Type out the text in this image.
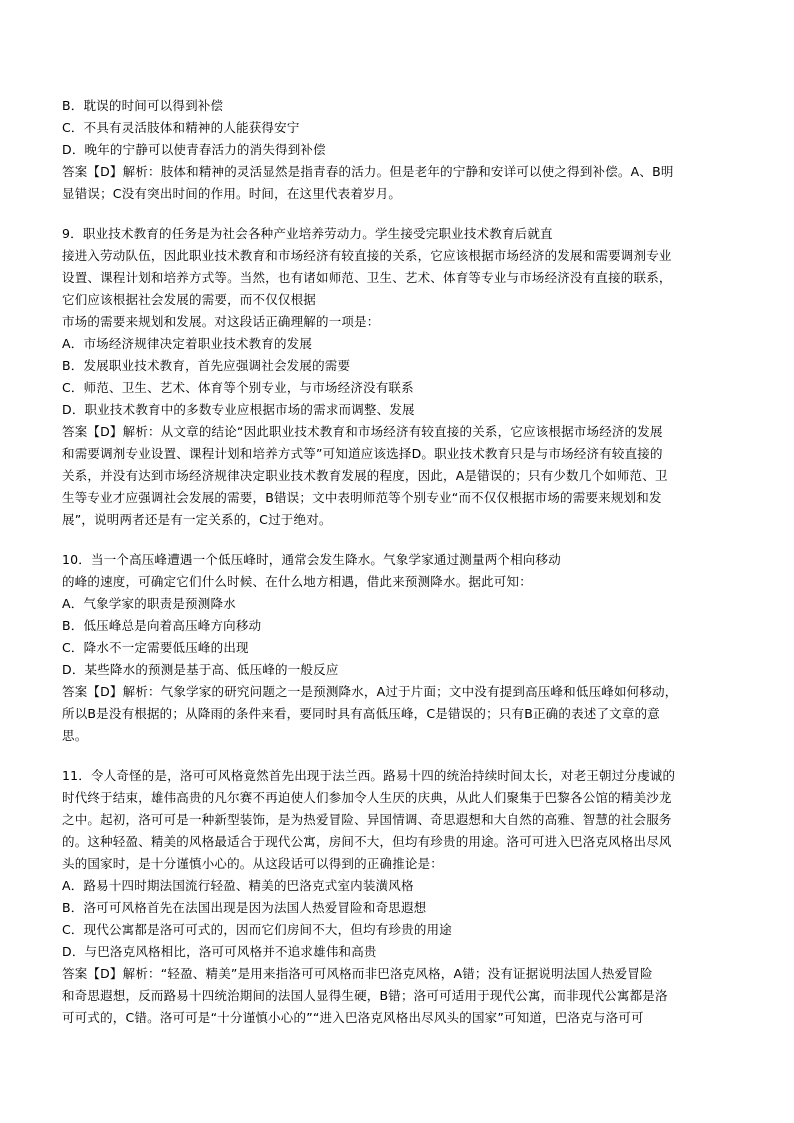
B．耽误的时间可以得到补偿
C．不具有灵活肢体和精神的人能获得安宁
D．晚年的宁静可以使青春活力的消失得到补偿
答案【D】解析：肢体和精神的灵活显然是指青春的活力。但是老年的宁静和安详可以使之得到补偿。A、B明
显错误；C没有突出时间的作用。时间，在这里代表着岁月。
9．职业技术教育的任务是为社会各种产业培养劳动力。学生接受完职业技术教育后就直
接进入劳动队伍，因此职业技术教育和市场经济有较直接的关系，它应该根据市场经济的发展和需要调剂专业
设置、课程计划和培养方式等。当然，也有诸如师范、卫生、艺术、体育等专业与市场经济没有直接的联系，
它们应该根据社会发展的需要，而不仅仅根据
市场的需要来规划和发展。对这段话正确理解的一项是：
A．市场经济规律决定着职业技术教育的发展
B．发展职业技术教育，首先应强调社会发展的需要
C．师范、卫生、艺术、体育等个别专业，与市场经济没有联系
D．职业技术教育中的多数专业应根据市场的需求而调整、发展
答案【D】解析：从文章的结论“因此职业技术教育和市场经济有较直接的关系，它应该根据市场经济的发展
和需要调剂专业设置、课程计划和培养方式等”可知道应该选择D。职业技术教育只是与市场经济有较直接的
关系，并没有达到市场经济规律决定职业技术教育发展的程度，因此，A是错误的；只有少数几个如师范、卫
生等专业才应强调社会发展的需要，B错误；文中表明师范等个别专业“而不仅仅根据市场的需要来规划和发
展”，说明两者还是有一定关系的，C过于绝对。
10．当一个高压峰遭遇一个低压峰时，通常会发生降水。气象学家通过测量两个相向移动
的峰的速度，可确定它们什么时候、在什么地方相遇，借此来预测降水。据此可知：
A．气象学家的职责是预测降水
B．低压峰总是向着高压峰方向移动
C．降水不一定需要低压峰的出现
D．某些降水的预测是基于高、低压峰的一般反应
答案【D】解析：气象学家的研究问题之一是预测降水，A过于片面；文中没有提到高压峰和低压峰如何移动，
所以B是没有根据的；从降雨的条件来看，要同时具有高低压峰，C是错误的；只有B正确的表述了文章的意
思。
11．令人奇怪的是，洛可可风格竟然首先出现于法兰西。路易十四的统治持续时间太长，对老王朝过分虔诚的
时代终于结束，雄伟高贵的凡尔赛不再迫使人们参加令人生厌的庆典，从此人们聚集于巴黎各公馆的精美沙龙
之中。起初，洛可可是一种新型装饰，是为热爱冒险、异国情调、奇思遐想和大自然的高雅、智慧的社会服务
的。这种轻盈、精美的风格最适合于现代公寓，房间不大，但均有珍贵的用途。洛可可进入巴洛克风格出尽风
头的国家时，是十分谨慎小心的。从这段话可以得到的正确推论是：
A．路易十四时期法国流行轻盈、精美的巴洛克式室内装潢风格
B．洛可可风格首先在法国出现是因为法国人热爱冒险和奇思遐想
C．现代公寓都是洛可可式的，因而它们房间不大，但均有珍贵的用途
D．与巴洛克风格相比，洛可可风格并不追求雄伟和高贵
答案【D】解析：“轻盈、精美”是用来指洛可可风格而非巴洛克风格，A错；没有证据说明法国人热爱冒险
和奇思遐想，反而路易十四统治期间的法国人显得生硬，B错；洛可可适用于现代公寓，而非现代公寓都是洛
可可式的，C错。洛可可是“十分谨慎小心的”“进入巴洛克风格出尽风头的国家”可知道，巴洛克与洛可可
